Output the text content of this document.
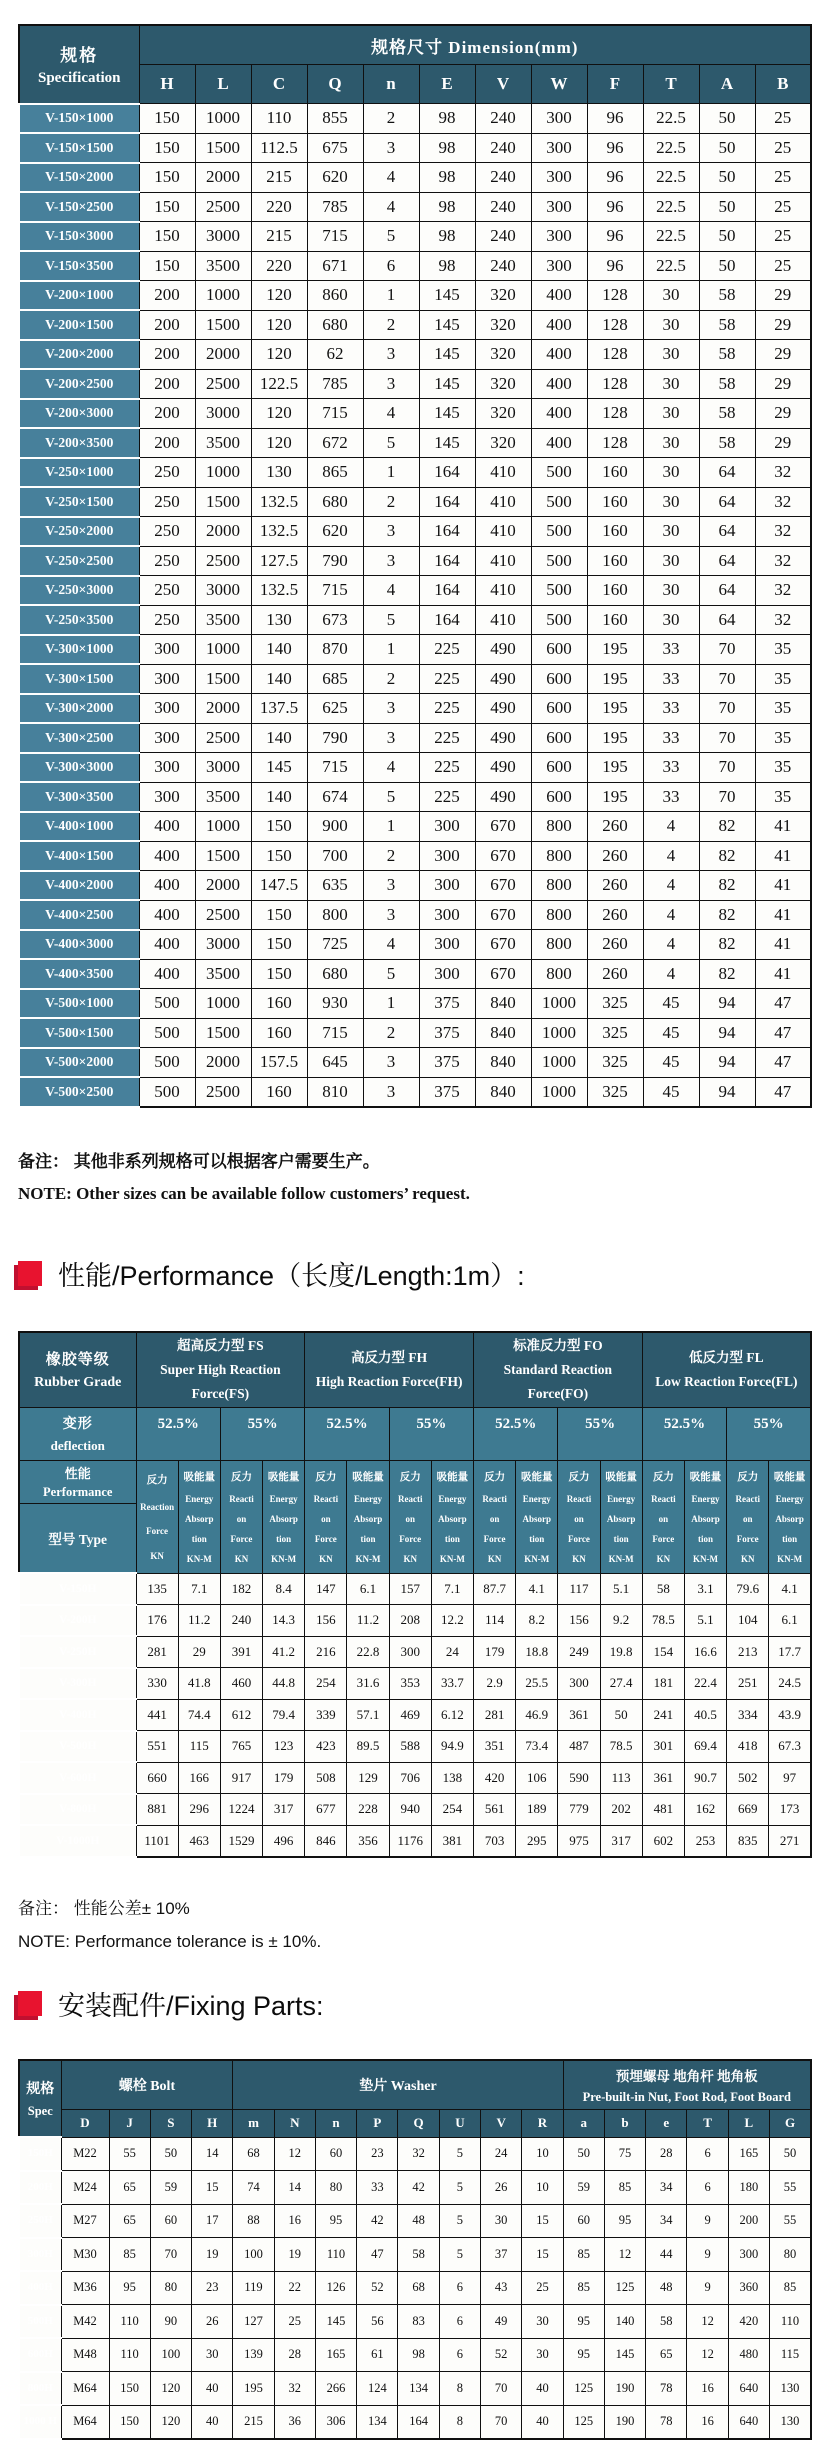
规格
Specification	规格尺寸 Dimension(mm)											
	H	L	C	Q	n	E	V	W	F	T	A	B
V-150×1000	150	1000	110	855	2	98	240	300	96	22.5	50	25
V-150×1500	150	1500	112.5	675	3	98	240	300	96	22.5	50	25
V-150×2000	150	2000	215	620	4	98	240	300	96	22.5	50	25
V-150×2500	150	2500	220	785	4	98	240	300	96	22.5	50	25
V-150×3000	150	3000	215	715	5	98	240	300	96	22.5	50	25
V-150×3500	150	3500	220	671	6	98	240	300	96	22.5	50	25
V-200×1000	200	1000	120	860	1	145	320	400	128	30	58	29
V-200×1500	200	1500	120	680	2	145	320	400	128	30	58	29
V-200×2000	200	2000	120	62	3	145	320	400	128	30	58	29
V-200×2500	200	2500	122.5	785	3	145	320	400	128	30	58	29
V-200×3000	200	3000	120	715	4	145	320	400	128	30	58	29
V-200×3500	200	3500	120	672	5	145	320	400	128	30	58	29
V-250×1000	250	1000	130	865	1	164	410	500	160	30	64	32
V-250×1500	250	1500	132.5	680	2	164	410	500	160	30	64	32
V-250×2000	250	2000	132.5	620	3	164	410	500	160	30	64	32
V-250×2500	250	2500	127.5	790	3	164	410	500	160	30	64	32
V-250×3000	250	3000	132.5	715	4	164	410	500	160	30	64	32
V-250×3500	250	3500	130	673	5	164	410	500	160	30	64	32
V-300×1000	300	1000	140	870	1	225	490	600	195	33	70	35
V-300×1500	300	1500	140	685	2	225	490	600	195	33	70	35
V-300×2000	300	2000	137.5	625	3	225	490	600	195	33	70	35
V-300×2500	300	2500	140	790	3	225	490	600	195	33	70	35
V-300×3000	300	3000	145	715	4	225	490	600	195	33	70	35
V-300×3500	300	3500	140	674	5	225	490	600	195	33	70	35
V-400×1000	400	1000	150	900	1	300	670	800	260	4	82	41
V-400×1500	400	1500	150	700	2	300	670	800	260	4	82	41
V-400×2000	400	2000	147.5	635	3	300	670	800	260	4	82	41
V-400×2500	400	2500	150	800	3	300	670	800	260	4	82	41
V-400×3000	400	3000	150	725	4	300	670	800	260	4	82	41
V-400×3500	400	3500	150	680	5	300	670	800	260	4	82	41
V-500×1000	500	1000	160	930	1	375	840	1000	325	45	94	47
V-500×1500	500	1500	160	715	2	375	840	1000	325	45	94	47
V-500×2000	500	2000	157.5	645	3	375	840	1000	325	45	94	47
V-500×2500	500	2500	160	810	3	375	840	1000	325	45	94	47
备注： 其他非系列规格可以根据客户需要生产。
NOTE: Other sizes can be available follow customers’ request.
性能/Performance（长度/Length:1m）:
橡胶等级
Rubber Grade

超高反力型 FS
Super High Reaction
Force(FS)

高反力型 FH
High Reaction Force(FH)

标准反力型 FO
Standard Reaction
Force(FO)

低反力型 FL
Low Reaction Force(FL)

变形
deflection	52.5%		55%		52.5%		55%		52.5%		55%		52.5%		55%	

性能
Performance

反力
Reaction
Force
KN

吸能量
Energy
Absorp
tion
KN-M

反力
Reacti
on
Force
KN

吸能量
Energy
Absorp
tion
KN-M

反力
Reacti
on
Force
KN

吸能量
Energy
Absorp
tion
KN-M

反力
Reacti
on
Force
KN

吸能量
Energy
Absorp
tion
KN-M

反力
Reacti
on
Force
KN

吸能量
Energy
Absorp
tion
KN-M

反力
Reacti
on
Force
KN

吸能量
Energy
Absorp
tion
KN-M

反力
Reacti
on
Force
KN

吸能量
Energy
Absorp
tion
KN-M

反力
Reacti
on
Force
KN

吸能量
Energy
Absorp
tion
KN-M

型号 Type																
V-150H	135	7.1	182	8.4	147	6.1	157	7.1	87.7	4.1	117	5.1	58	3.1	79.6	4.1
V-200H	176	11.2	240	14.3	156	11.2	208	12.2	114	8.2	156	9.2	78.5	5.1	104	6.1
V-250H	281	29	391	41.2	216	22.8	300	24	179	18.8	249	19.8	154	16.6	213	17.7
V-300H	330	41.8	460	44.8	254	31.6	353	33.7	2.9	25.5	300	27.4	181	22.4	251	24.5
V-400H	441	74.4	612	79.4	339	57.1	469	6.12	281	46.9	361	50	241	40.5	334	43.9
V-500H	551	115	765	123	423	89.5	588	94.9	351	73.4	487	78.5	301	69.4	418	67.3
V-600H	660	166	917	179	508	129	706	138	420	106	590	113	361	90.7	502	97
V-800H	881	296	1224	317	677	228	940	254	561	189	779	202	481	162	669	173
V-1000H	1101	463	1529	496	846	356	1176	381	703	295	975	317	602	253	835	271
备注： 性能公差± 10%
NOTE: Performance tolerance is ± 10%.
安装配件/Fixing Parts:
规格
Spec
	螺栓 Bolt	垫片 Washer	
预埋螺母 地角杆 地角板
Pre-built-in Nut, Foot Rod, Foot Board

	D	J	S	H	m	N	n	P	Q	U	V	R	a	b	e	T	L	G
150H	M22	55	50	14	68	12	60	23	32	5	24	10	50	75	28	6	165	50
200H	M24	65	59	15	74	14	80	33	42	5	26	10	59	85	34	6	180	55
250H	M27	65	60	17	88	16	95	42	48	5	30	15	60	95	34	9	200	55
300H	M30	85	70	19	100	19	110	47	58	5	37	15	85	12	44	9	300	80
400H	M36	95	80	23	119	22	126	52	68	6	43	25	85	125	48	9	360	85
500H	M42	110	90	26	127	25	145	56	83	6	49	30	95	140	58	12	420	110
600H	M48	110	100	30	139	28	165	61	98	6	52	30	95	145	65	12	480	115
800H	M64	150	120	40	195	32	266	124	134	8	70	40	125	190	78	16	640	130
1000 H	M64	150	120	40	215	36	306	134	164	8	70	40	125	190	78	16	640	130
